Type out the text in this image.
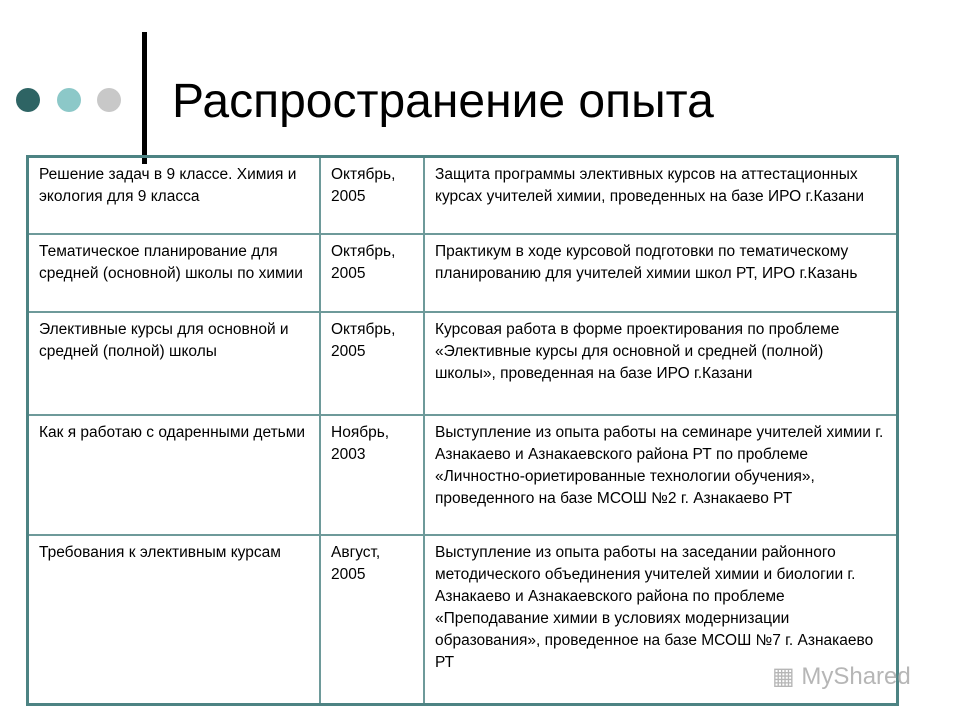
Распространение опыта
Решение задач в 9 классе. Химия и экология для 9 класса	Октябрь, 2005	Защита программы элективных курсов на аттестационных курсах учителей химии, проведенных на базе ИРО г.Казани
Тематическое планирование для средней (основной) школы по химии	Октябрь, 2005	Практикум в ходе курсовой подготовки по тематическому планированию для учителей химии школ РТ, ИРО г.Казань
Элективные курсы для основной и средней (полной) школы	Октябрь, 2005	Курсовая работа в форме проектирования по проблеме «Элективные курсы для основной и средней (полной) школы», проведенная на базе ИРО г.Казани
Как я работаю с одаренными детьми	Ноябрь, 2003	Выступление из опыта работы на семинаре учителей химии г. Азнакаево и Азнакаевского района РТ по проблеме «Личностно-ориетированные технологии обучения», проведенного на базе МСОШ №2 г. Азнакаево РТ
Требования к элективным курсам	Август, 2005	Выступление из опыта работы на заседании районного методического объединения учителей химии и биологии г. Азнакаево и Азнакаевского района по проблеме «Преподавание химии в условиях модернизации образования», проведенное на базе МСОШ №7 г. Азнакаево РТ
▦ MyShared
